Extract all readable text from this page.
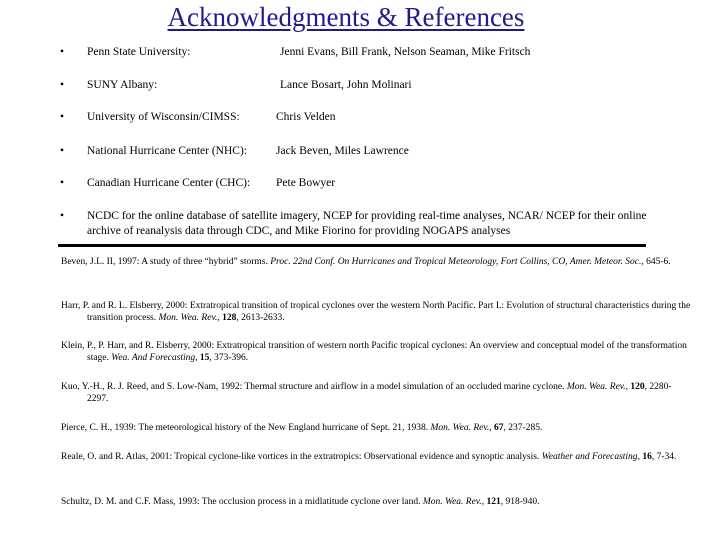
Acknowledgments & References
• Penn State University:	Jenni Evans, Bill Frank, Nelson Seaman, Mike Fritsch
• SUNY Albany:	Lance Bosart, John Molinari
• University of Wisconsin/CIMSS:	Chris Velden
• National Hurricane Center (NHC):	Jack Beven, Miles Lawrence
• Canadian Hurricane Center (CHC): Pete Bowyer
• NCDC for the online database of satellite imagery, NCEP for providing real-time analyses, NCAR/ NCEP for their online archive of reanalysis data through CDC, and Mike Fiorino for providing NOGAPS analyses
Beven, J.L. II, 1997: A study of three “hybrid” storms. Proc. 22nd Conf. On Hurricanes and Tropical Meteorology, Fort Collins, CO, Amer. Meteor. Soc., 645-6.
Harr, P. and R. L. Elsberry, 2000: Extratropical transition of tropical cyclones over the western North Pacific. Part I.: Evolution of structural characteristics during the transition process. Mon. Wea. Rev., 128, 2613-2633.
Klein, P., P. Harr, and R. Elsberry, 2000: Extratropical transition of western north Pacific tropical cyclones: An overview and conceptual model of the transformation stage. Wea. And Forecasting, 15, 373-396.
Kuo, Y.-H., R. J. Reed, and S. Low-Nam, 1992: Thermal structure and airflow in a model simulation of an occluded marine cyclone. Mon. Wea. Rev., 120, 2280-2297.
Pierce, C. H., 1939: The meteorological history of the New England hurricane of Sept. 21, 1938. Mon. Wea. Rev., 67, 237-285.
Reale, O. and R. Atlas, 2001: Tropical cyclone-like vortices in the extratropics: Observational evidence and synoptic analysis. Weather and Forecasting, 16, 7-34.
Schultz, D. M. and C.F. Mass, 1993: The occlusion process in a midlatitude cyclone over land. Mon. Wea. Rev., 121, 918-940.
